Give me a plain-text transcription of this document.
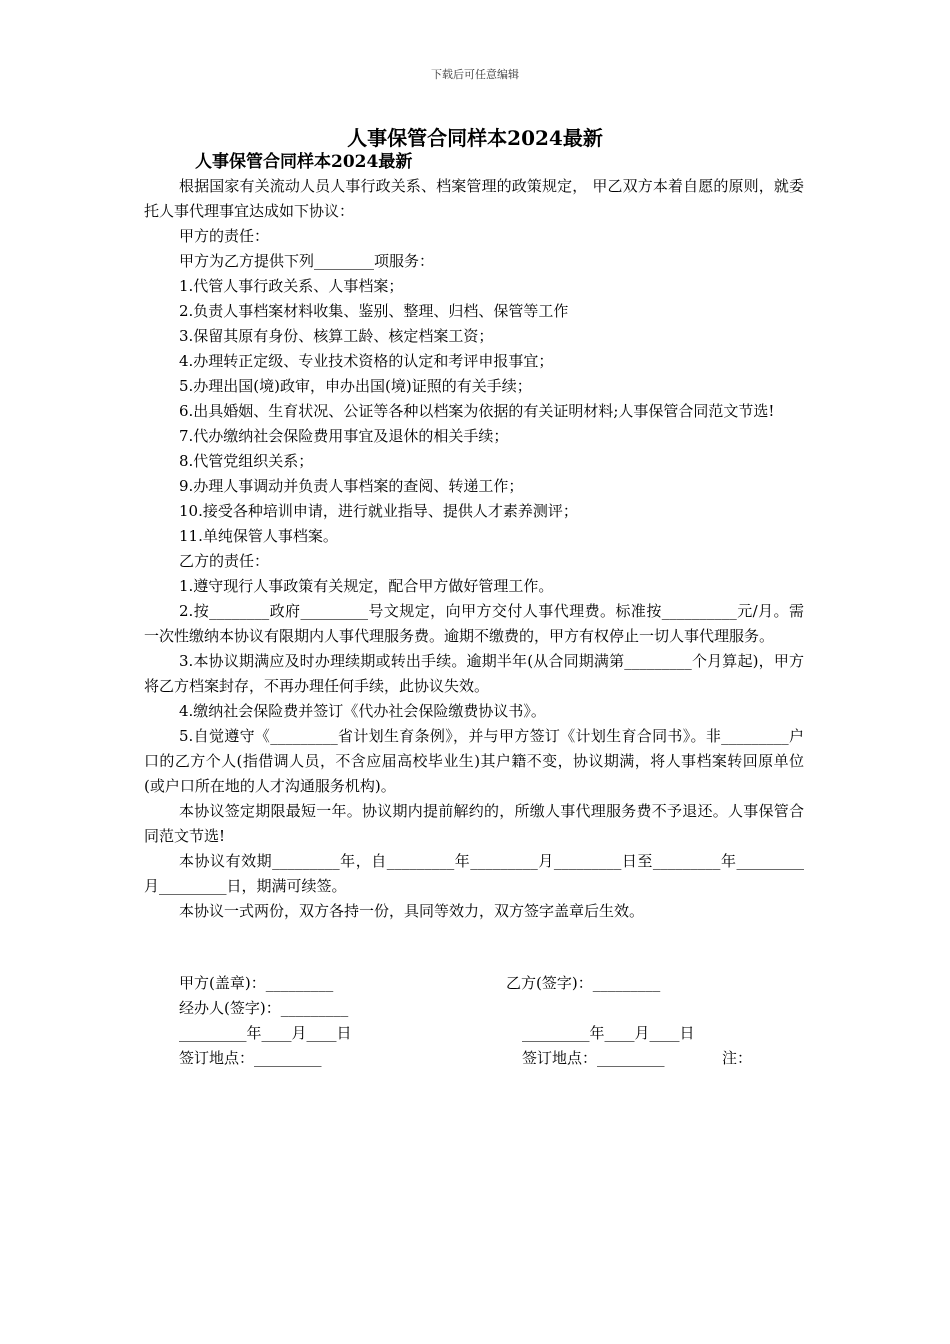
下载后可任意编辑
人事保管合同样本2024最新
人事保管合同样本2024最新

根据国家有关流动人员人事行政关系、档案管理的政策规定， 甲乙双方本着自愿的原则，就委托人事代理事宜达成如下协议：

甲方的责任：

甲方为乙方提供下列________项服务：

1.代管人事行政关系、人事档案；

2.负责人事档案材料收集、鉴别、整理、归档、保管等工作

3.保留其原有身份、核算工龄、核定档案工资；

4.办理转正定级、专业技术资格的认定和考评申报事宜；

5.办理出国(境)政审，申办出国(境)证照的有关手续；

6.出具婚姻、生育状况、公证等各种以档案为依据的有关证明材料;人事保管合同范文节选!

7.代办缴纳社会保险费用事宜及退休的相关手续；

8.代管党组织关系；

9.办理人事调动并负责人事档案的查阅、转递工作；

10.接受各种培训申请，进行就业指导、提供人才素养测评；

11.单纯保管人事档案。

乙方的责任：

1.遵守现行人事政策有关规定，配合甲方做好管理工作。

2.按________政府_________号文规定，向甲方交付人事代理费。标准按__________元/月。需一次性缴纳本协议有限期内人事代理服务费。逾期不缴费的，甲方有权停止一切人事代理服务。

3.本协议期满应及时办理续期或转出手续。逾期半年(从合同期满第_________个月算起)，甲方将乙方档案封存，不再办理任何手续，此协议失效。

4.缴纳社会保险费并签订《代办社会保险缴费协议书》。

5.自觉遵守《_________省计划生育条例》，并与甲方签订《计划生育合同书》。非_________户口的乙方个人(指借调人员，不含应届高校毕业生)其户籍不变，协议期满，将人事档案转回原单位(或户口所在地的人才沟通服务机构)。

本协议签定期限最短一年。协议期内提前解约的，所缴人事代理服务费不予退还。人事保管合同范文节选!

本协议有效期_________年，自_________年_________月_________日至_________年_________月_________日，期满可续签。

本协议一式两份，双方各持一份，具同等效力，双方签字盖章后生效。

甲方(盖章)：_________	乙方(签字)：_________
经办人(签字)：_________
_________年____月____日	_________年____月____日
签订地点：_________	签订地点：_________	注：
